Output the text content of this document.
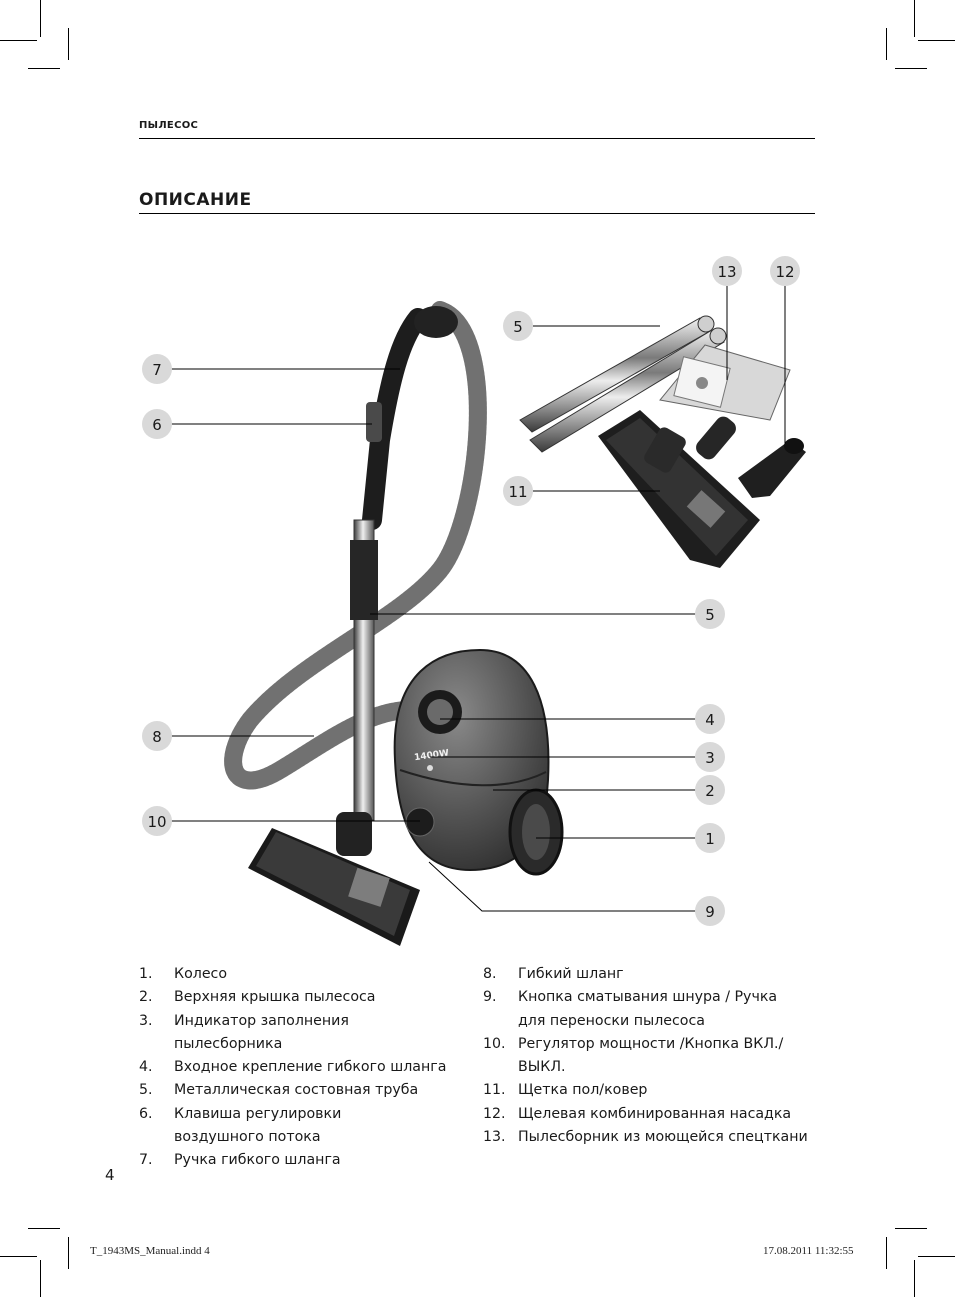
ПЫЛЕСОС
ОПИСАНИЕ
1400W
13	12
5
7
6
11
5
4
8
3
2
10
1
9
1.	Колесо
2.	Верхняя крышка пылесоса
3.	Индикатор заполнения пылесборника
4.	Входное крепление гибкого шланга
5.	Металлическая состовная труба
6.	Клавиша регулировки воздушного потока
7.	Ручка гибкого шланга
8.	Гибкий шланг
9.	Кнопка сматывания шнура / Ручка для переноски пылесоса
10. Регулятор мощности /Кнопка ВКЛ./ВЫКЛ.
11. Щетка пол/ковер
12. Щелевая комбинированная насадка
13. Пылесборник из моющейся спецткани
4
T_1943MS_Manual.indd 4	17.08.2011 11:32:55
